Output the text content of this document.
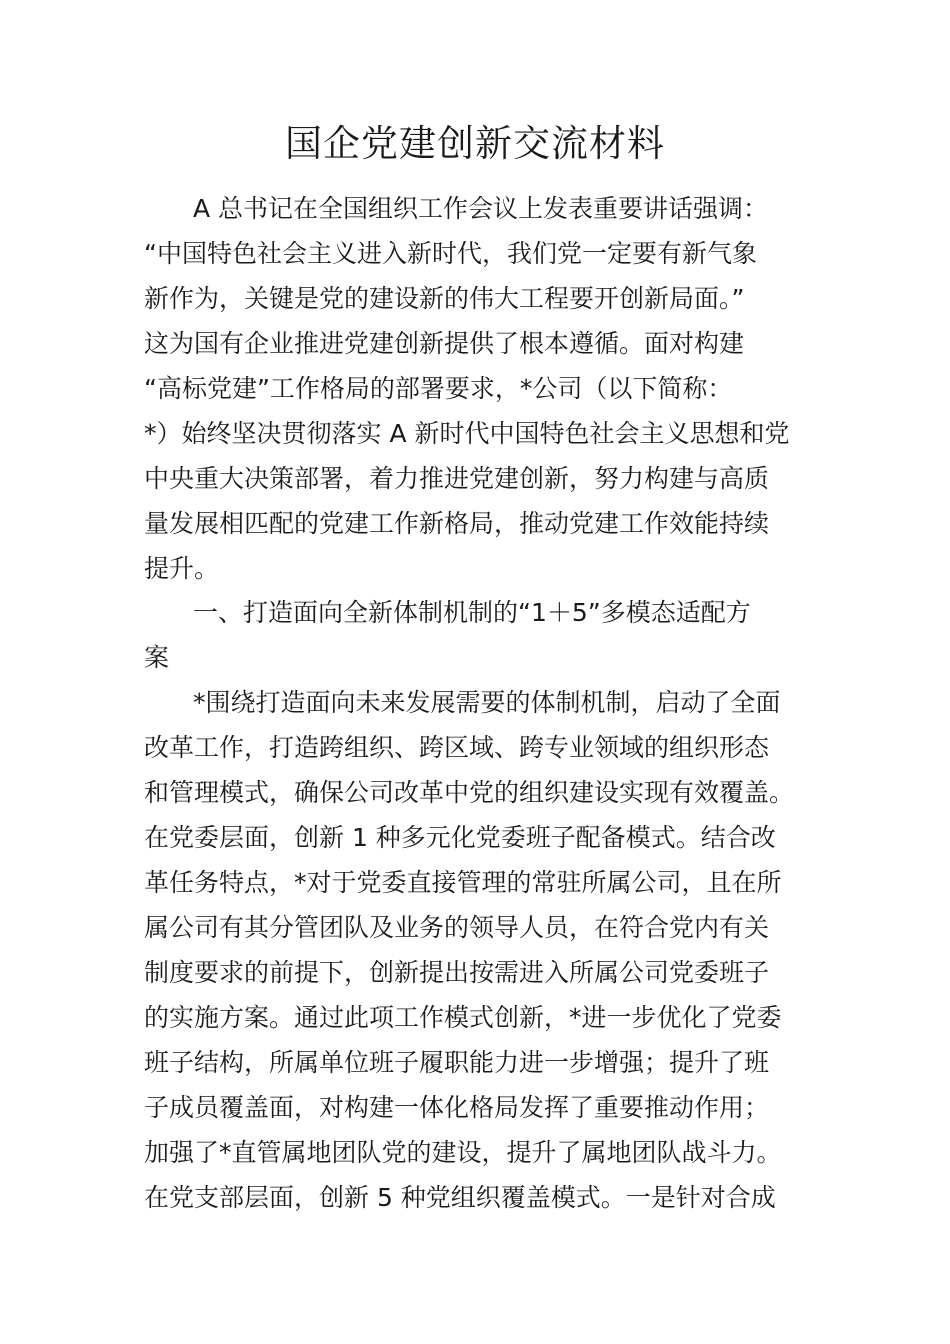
国企党建创新交流材料

A 总书记在全国组织工作会议上发表重要讲话强调：

“中国特色社会主义进入新时代，我们党一定要有新气象

新作为，关键是党的建设新的伟大工程要开创新局面。”

这为国有企业推进党建创新提供了根本遵循。面对构建

“高标党建”工作格局的部署要求，*公司（以下简称：

*）始终坚决贯彻落实 A 新时代中国特色社会主义思想和党

中央重大决策部署，着力推进党建创新，努力构建与高质

量发展相匹配的党建工作新格局，推动党建工作效能持续

提升。

一、打造面向全新体制机制的“1＋5”多模态适配方

案

*围绕打造面向未来发展需要的体制机制，启动了全面

改革工作，打造跨组织、跨区域、跨专业领域的组织形态

和管理模式，确保公司改革中党的组织建设实现有效覆盖。

在党委层面，创新 1 种多元化党委班子配备模式。结合改

革任务特点，*对于党委直接管理的常驻所属公司，且在所

属公司有其分管团队及业务的领导人员，在符合党内有关

制度要求的前提下，创新提出按需进入所属公司党委班子

的实施方案。通过此项工作模式创新，*进一步优化了党委

班子结构，所属单位班子履职能力进一步增强；提升了班

子成员覆盖面，对构建一体化格局发挥了重要推动作用；

加强了*直管属地团队党的建设，提升了属地团队战斗力。

在党支部层面，创新 5 种党组织覆盖模式。一是针对合成
